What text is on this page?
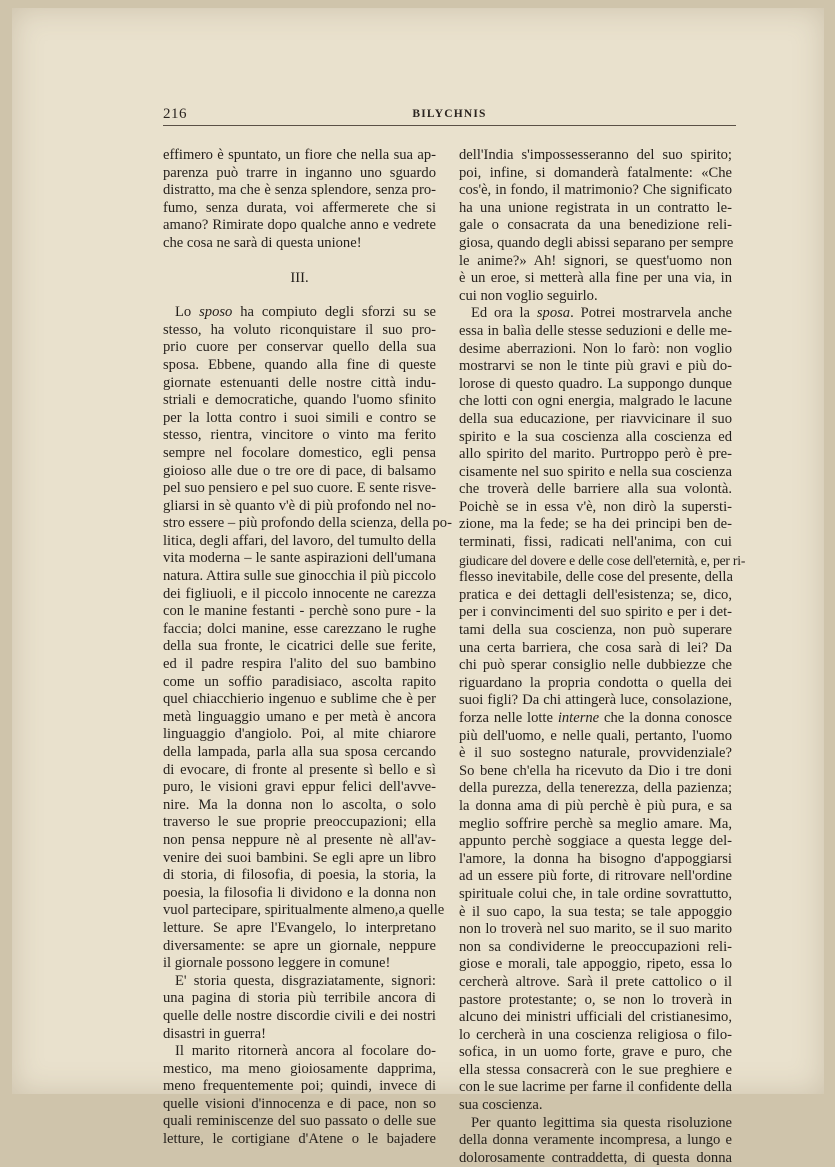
216	BILYCHNIS
effimero è spuntato, un fiore che nella sua ap-
parenza può trarre in inganno uno sguardo
distratto, ma che è senza splendore, senza pro-
fumo, senza durata, voi affermerete che si
amano? Rimirate dopo qualche anno e vedrete
che cosa ne sarà di questa unione!
III.
Lo sposo ha compiuto degli sforzi su se
stesso, ha voluto riconquistare il suo pro-
prio cuore per conservar quello della sua
sposa. Ebbene, quando alla fine di queste
giornate estenuanti delle nostre città indu-
striali e democratiche, quando l'uomo sfinito
per la lotta contro i suoi simili e contro se
stesso, rientra, vincitore o vinto ma ferito
sempre nel focolare domestico, egli pensa
gioioso alle due o tre ore di pace, di balsamo
pel suo pensiero e pel suo cuore. E sente risve-
gliarsi in sè quanto v'è di più profondo nel no-
stro essere – più profondo della scienza, della po-
litica, degli affari, del lavoro, del tumulto della
vita moderna – le sante aspirazioni dell'umana
natura. Attira sulle sue ginocchia il più piccolo
dei figliuoli, e il piccolo innocente ne carezza
con le manine festanti - perchè sono pure - la
faccia; dolci manine, esse carezzano le rughe
della sua fronte, le cicatrici delle sue ferite,
ed il padre respira l'alito del suo bambino
come un soffio paradisiaco, ascolta rapito
quel chiacchierio ingenuo e sublime che è per
metà linguaggio umano e per metà è ancora
linguaggio d'angiolo. Poi, al mite chiarore
della lampada, parla alla sua sposa cercando
di evocare, di fronte al presente sì bello e sì
puro, le visioni gravi eppur felici dell'avve-
nire. Ma la donna non lo ascolta, o solo
traverso le sue proprie preoccupazioni; ella
non pensa neppure nè al presente nè all'av-
venire dei suoi bambini. Se egli apre un libro
di storia, di filosofia, di poesia, la storia, la
poesia, la filosofia li dividono e la donna non
vuol partecipare, spiritualmente almeno,a quelle
letture. Se apre l'Evangelo, lo interpretano
diversamente: se apre un giornale, neppure
il giornale possono leggere in comune!
E' storia questa, disgraziatamente, signori:
una pagina di storia più terribile ancora di
quelle delle nostre discordie civili e dei nostri
disastri in guerra!
Il marito ritornerà ancora al focolare do-
mestico, ma meno gioiosamente dapprima,
meno frequentemente poi; quindi, invece di
quelle visioni d'innocenza e di pace, non so
quali reminiscenze del suo passato o delle sue
letture, le cortigiane d'Atene o le bajadere
dell'India s'impossesseranno del suo spirito;
poi, infine, si domanderà fatalmente: «Che
cos'è, in fondo, il matrimonio? Che significato
ha una unione registrata in un contratto le-
gale o consacrata da una benedizione reli-
giosa, quando degli abissi separano per sempre
le anime?» Ah! signori, se quest'uomo non
è un eroe, si metterà alla fine per una via, in
cui non voglio seguirlo.
Ed ora la sposa. Potrei mostrarvela anche
essa in balìa delle stesse seduzioni e delle me-
desime aberrazioni. Non lo farò: non voglio
mostrarvi se non le tinte più gravi e più do-
lorose di questo quadro. La suppongo dunque
che lotti con ogni energia, malgrado le lacune
della sua educazione, per riavvicinare il suo
spirito e la sua coscienza alla coscienza ed
allo spirito del marito. Purtroppo però è pre-
cisamente nel suo spirito e nella sua coscienza
che troverà delle barriere alla sua volontà.
Poichè se in essa v'è, non dirò la supersti-
zione, ma la fede; se ha dei principi ben de-
terminati, fissi, radicati nell'anima, con cui
giudicare del dovere e delle cose dell'eternità, e, per ri-
flesso inevitabile, delle cose del presente, della
pratica e dei dettagli dell'esistenza; se, dico,
per i convincimenti del suo spirito e per i det-
tami della sua coscienza, non può superare
una certa barriera, che cosa sarà di lei? Da
chi può sperar consiglio nelle dubbiezze che
riguardano la propria condotta o quella dei
suoi figli? Da chi attingerà luce, consolazione,
forza nelle lotte interne che la donna conosce
più dell'uomo, e nelle quali, pertanto, l'uomo
è il suo sostegno naturale, provvidenziale?
So bene ch'ella ha ricevuto da Dio i tre doni
della purezza, della tenerezza, della pazienza;
la donna ama di più perchè è più pura, e sa
meglio soffrire perchè sa meglio amare. Ma,
appunto perchè soggiace a questa legge del-
l'amore, la donna ha bisogno d'appoggiarsi
ad un essere più forte, di ritrovare nell'ordine
spirituale colui che, in tale ordine sovrattutto,
è il suo capo, la sua testa; se tale appoggio
non lo troverà nel suo marito, se il suo marito
non sa condividerne le preoccupazioni reli-
giose e morali, tale appoggio, ripeto, essa lo
cercherà altrove. Sarà il prete cattolico o il
pastore protestante; o, se non lo troverà in
alcuno dei ministri ufficiali del cristianesimo,
lo cercherà in una coscienza religiosa o filo-
sofica, in un uomo forte, grave e puro, che
ella stessa consacrerà con le sue preghiere e
con le sue lacrime per farne il confidente della
sua coscienza.
Per quanto legittima sia questa risoluzione
della donna veramente incompresa, a lungo e
dolorosamente contraddetta, di questa donna
